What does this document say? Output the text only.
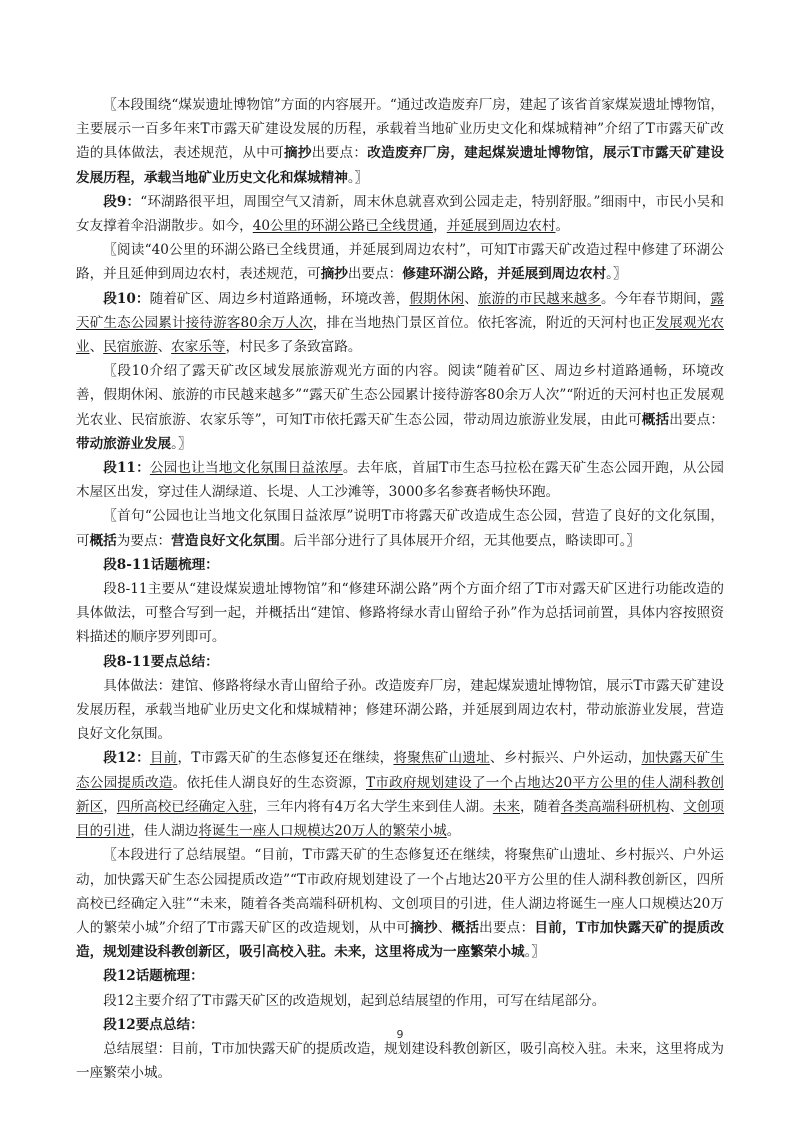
〖本段围绕“煤炭遗址博物馆”方面的内容展开。“通过改造废弃厂房，建起了该省首家煤炭遗址博物馆，主要展示一百多年来T市露天矿建设发展的历程，承载着当地矿业历史文化和煤城精神”介绍了T市露天矿改造的具体做法，表述规范，从中可摘抄出要点：改造废弃厂房，建起煤炭遗址博物馆，展示T市露天矿建设发展历程，承载当地矿业历史文化和煤城精神。〗

段9：“环湖路很平坦，周围空气又清新，周末休息就喜欢到公园走走，特别舒服。”细雨中，市民小吴和女友撑着伞沿湖散步。如今，40公里的环湖公路已全线贯通，并延展到周边农村。

〖阅读“40公里的环湖公路已全线贯通，并延展到周边农村”，可知T市露天矿改造过程中修建了环湖公路，并且延伸到周边农村，表述规范，可摘抄出要点：修建环湖公路，并延展到周边农村。〗

段10：随着矿区、周边乡村道路通畅，环境改善，假期休闲、旅游的市民越来越多。今年春节期间，露天矿生态公园累计接待游客80余万人次，排在当地热门景区首位。依托客流，附近的天河村也正发展观光农业、民宿旅游、农家乐等，村民多了条致富路。

〖段10介绍了露天矿改区域发展旅游观光方面的内容。阅读“随着矿区、周边乡村道路通畅，环境改善，假期休闲、旅游的市民越来越多”“露天矿生态公园累计接待游客80余万人次”“附近的天河村也正发展观光农业、民宿旅游、农家乐等”，可知T市依托露天矿生态公园，带动周边旅游业发展，由此可概括出要点：带动旅游业发展。〗

段11：公园也让当地文化氛围日益浓厚。去年底，首届T市生态马拉松在露天矿生态公园开跑，从公园木屋区出发，穿过佳人湖绿道、长堤、人工沙滩等，3000多名参赛者畅快环跑。

〖首句“公园也让当地文化氛围日益浓厚”说明T市将露天矿改造成生态公园，营造了良好的文化氛围，可概括为要点：营造良好文化氛围。后半部分进行了具体展开介绍，无其他要点，略读即可。〗

段8-11话题梳理：

段8-11主要从“建设煤炭遗址博物馆”和“修建环湖公路”两个方面介绍了T市对露天矿区进行功能改造的具体做法，可整合写到一起，并概括出“建馆、修路将绿水青山留给子孙”作为总括词前置，具体内容按照资料描述的顺序罗列即可。

段8-11要点总结：

具体做法：建馆、修路将绿水青山留给子孙。改造废弃厂房，建起煤炭遗址博物馆，展示T市露天矿建设发展历程，承载当地矿业历史文化和煤城精神；修建环湖公路，并延展到周边农村，带动旅游业发展，营造良好文化氛围。

段12：目前，T市露天矿的生态修复还在继续，将聚焦矿山遗址、乡村振兴、户外运动，加快露天矿生态公园提质改造。依托佳人湖良好的生态资源，T市政府规划建设了一个占地达20平方公里的佳人湖科教创新区，四所高校已经确定入驻，三年内将有4万名大学生来到佳人湖。未来，随着各类高端科研机构、文创项目的引进，佳人湖边将诞生一座人口规模达20万人的繁荣小城。

〖本段进行了总结展望。“目前，T市露天矿的生态修复还在继续，将聚焦矿山遗址、乡村振兴、户外运动，加快露天矿生态公园提质改造”“T市政府规划建设了一个占地达20平方公里的佳人湖科教创新区，四所高校已经确定入驻”“未来，随着各类高端科研机构、文创项目的引进，佳人湖边将诞生一座人口规模达20万人的繁荣小城”介绍了T市露天矿区的改造规划，从中可摘抄、概括出要点：目前，T市加快露天矿的提质改造，规划建设科教创新区，吸引高校入驻。未来，这里将成为一座繁荣小城。〗

段12话题梳理：

段12主要介绍了T市露天矿区的改造规划，起到总结展望的作用，可写在结尾部分。

段12要点总结：

总结展望：目前，T市加快露天矿的提质改造，规划建设科教创新区，吸引高校入驻。未来，这里将成为一座繁荣小城。

9
